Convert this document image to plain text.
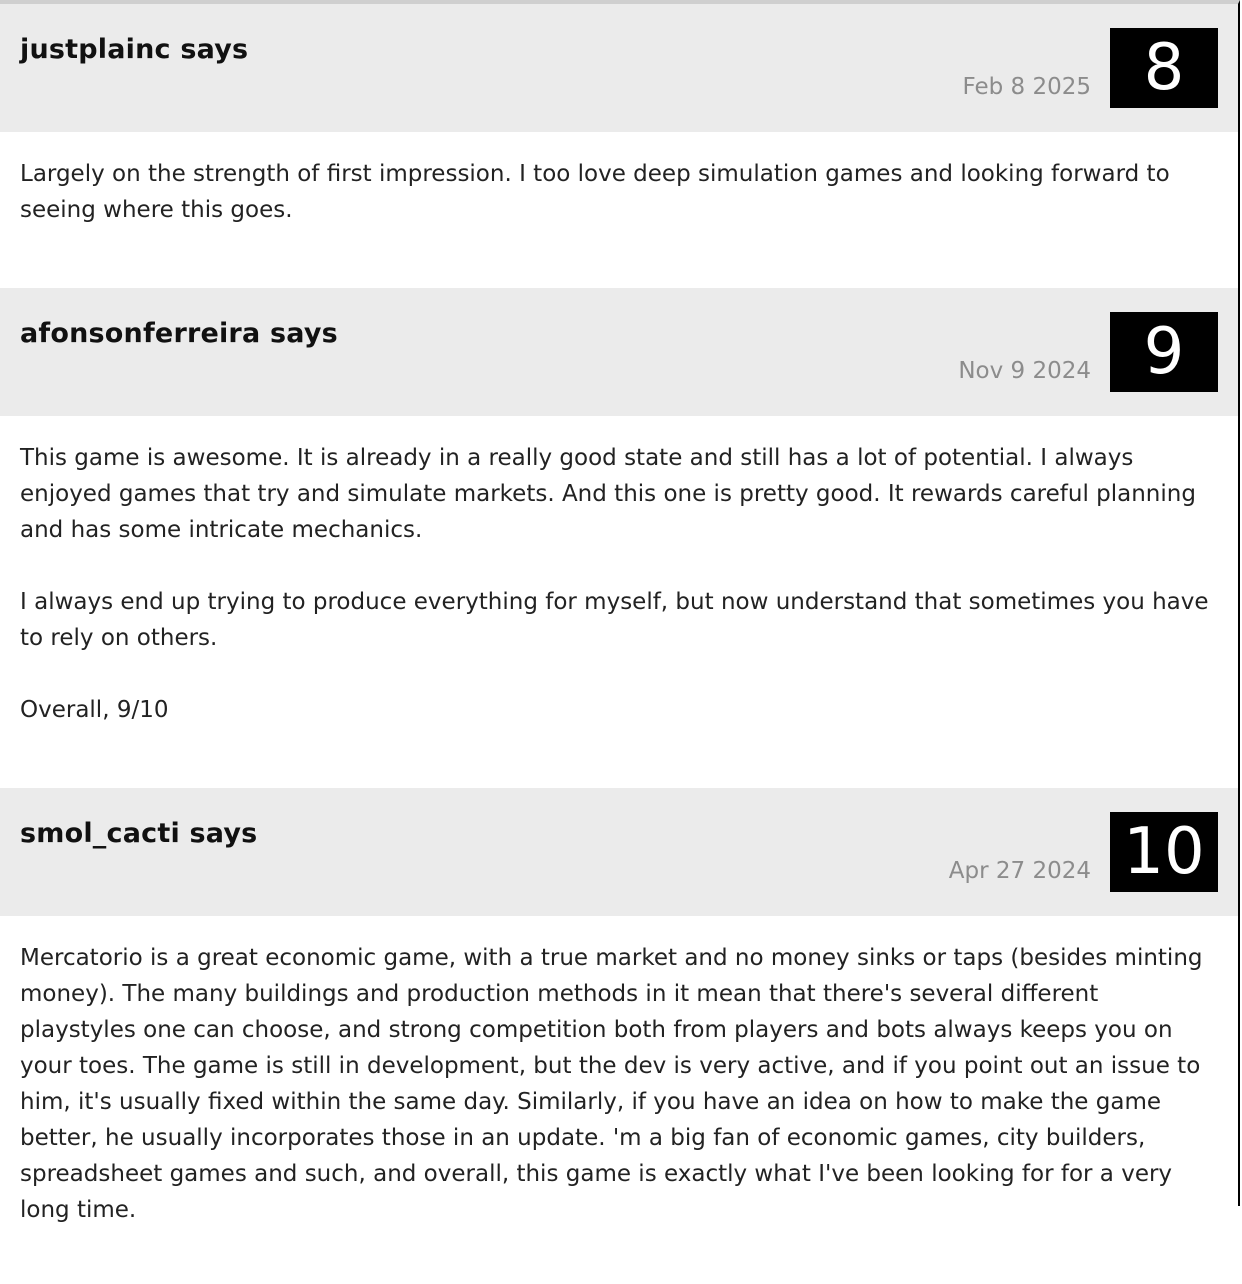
justplainc says
Feb 8 2025 8

Largely on the strength of first impression. I too love deep simulation games and looking forward to seeing where this goes.

afonsonferreira says
Nov 9 2024 9

This game is awesome. It is already in a really good state and still has a lot of potential. I always enjoyed games that try and simulate markets. And this one is pretty good. It rewards careful planning and has some intricate mechanics.

I always end up trying to produce everything for myself, but now understand that sometimes you have to rely on others.

Overall, 9/10

smol_cacti says
Apr 27 2024 10

Mercatorio is a great economic game, with a true market and no money sinks or taps (besides minting money). The many buildings and production methods in it mean that there's several different playstyles one can choose, and strong competition both from players and bots always keeps you on your toes. The game is still in development, but the dev is very active, and if you point out an issue to him, it's usually fixed within the same day. Similarly, if you have an idea on how to make the game better, he usually incorporates those in an update. 'm a big fan of economic games, city builders, spreadsheet games and such, and overall, this game is exactly what I've been looking for for a very long time.
